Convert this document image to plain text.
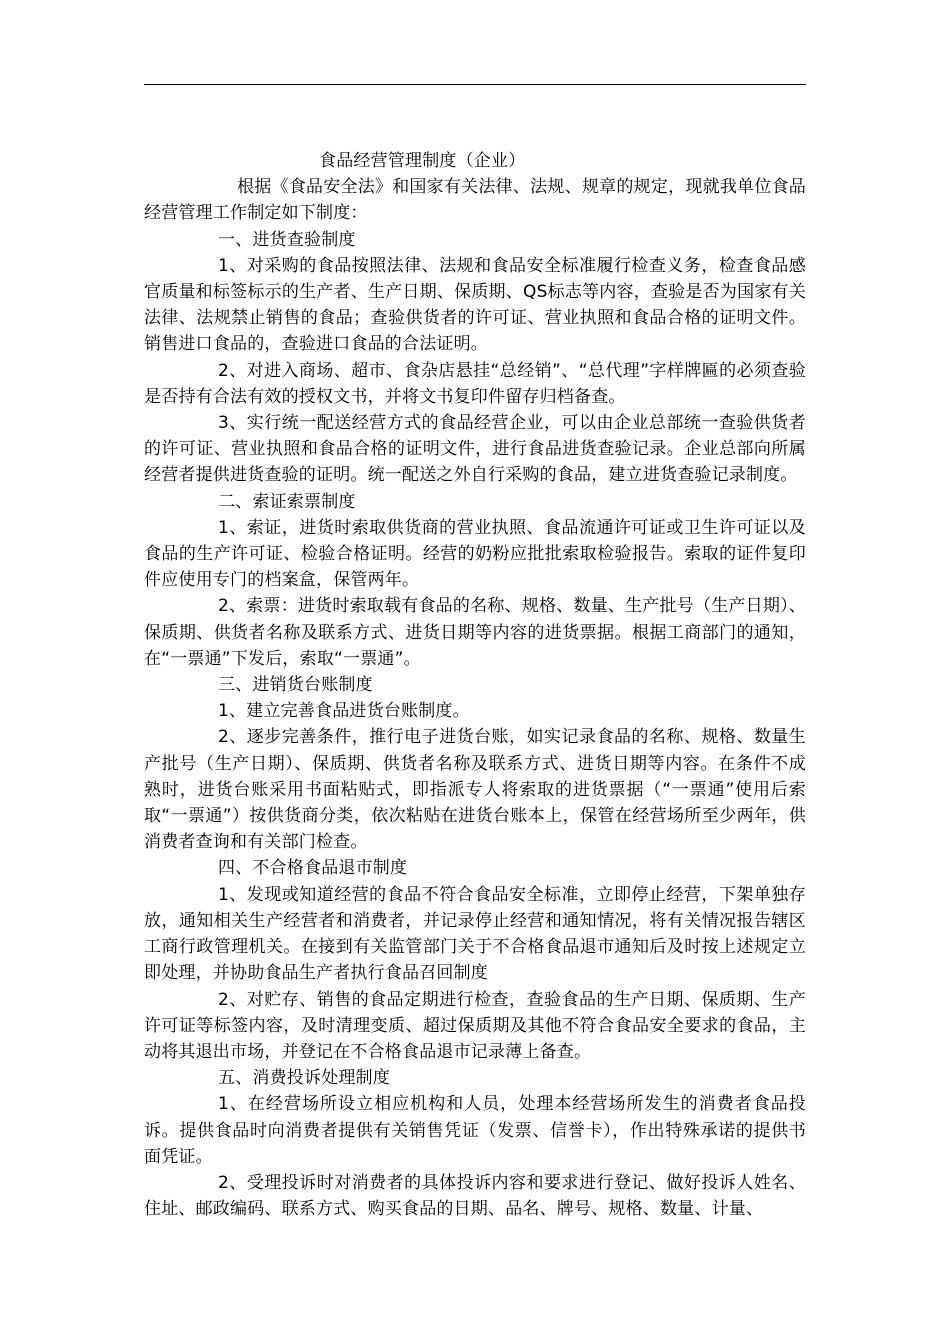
食品经营管理制度（企业）

根据《食品安全法》和国家有关法律、法规、规章的规定，现就我单位食品经营管理工作制定如下制度：

一、进货查验制度

1、对采购的食品按照法律、法规和食品安全标准履行检查义务，检查食品感官质量和标签标示的生产者、生产日期、保质期、QS标志等内容，查验是否为国家有关法律、法规禁止销售的食品；查验供货者的许可证、营业执照和食品合格的证明文件。销售进口食品的，查验进口食品的合法证明。

2、对进入商场、超市、食杂店悬挂“总经销”、“总代理”字样牌匾的必须查验是否持有合法有效的授权文书，并将文书复印件留存归档备查。

3、实行统一配送经营方式的食品经营企业，可以由企业总部统一查验供货者的许可证、营业执照和食品合格的证明文件，进行食品进货查验记录。企业总部向所属经营者提供进货查验的证明。统一配送之外自行采购的食品，建立进货查验记录制度。

二、索证索票制度

1、索证，进货时索取供货商的营业执照、食品流通许可证或卫生许可证以及食品的生产许可证、检验合格证明。经营的奶粉应批批索取检验报告。索取的证件复印件应使用专门的档案盒，保管两年。

2、索票：进货时索取载有食品的名称、规格、数量、生产批号（生产日期）、保质期、供货者名称及联系方式、进货日期等内容的进货票据。根据工商部门的通知，在“一票通”下发后，索取“一票通”。

三、进销货台账制度

1、建立完善食品进货台账制度。

2、逐步完善条件，推行电子进货台账，如实记录食品的名称、规格、数量生产批号（生产日期）、保质期、供货者名称及联系方式、进货日期等内容。在条件不成熟时，进货台账采用书面粘贴式，即指派专人将索取的进货票据（“一票通”使用后索取“一票通”）按供货商分类，依次粘贴在进货台账本上，保管在经营场所至少两年，供消费者查询和有关部门检查。

四、不合格食品退市制度

1、发现或知道经营的食品不符合食品安全标准，立即停止经营，下架单独存放，通知相关生产经营者和消费者，并记录停止经营和通知情况，将有关情况报告辖区工商行政管理机关。在接到有关监管部门关于不合格食品退市通知后及时按上述规定立即处理，并协助食品生产者执行食品召回制度

2、对贮存、销售的食品定期进行检查，查验食品的生产日期、保质期、生产许可证等标签内容，及时清理变质、超过保质期及其他不符合食品安全要求的食品，主动将其退出市场，并登记在不合格食品退市记录薄上备查。

五、消费投诉处理制度

1、在经营场所设立相应机构和人员，处理本经营场所发生的消费者食品投诉。提供食品时向消费者提供有关销售凭证（发票、信誉卡），作出特殊承诺的提供书面凭证。

2、受理投诉时对消费者的具体投诉内容和要求进行登记、做好投诉人姓名、住址、邮政编码、联系方式、购买食品的日期、品名、牌号、规格、数量、计量、
